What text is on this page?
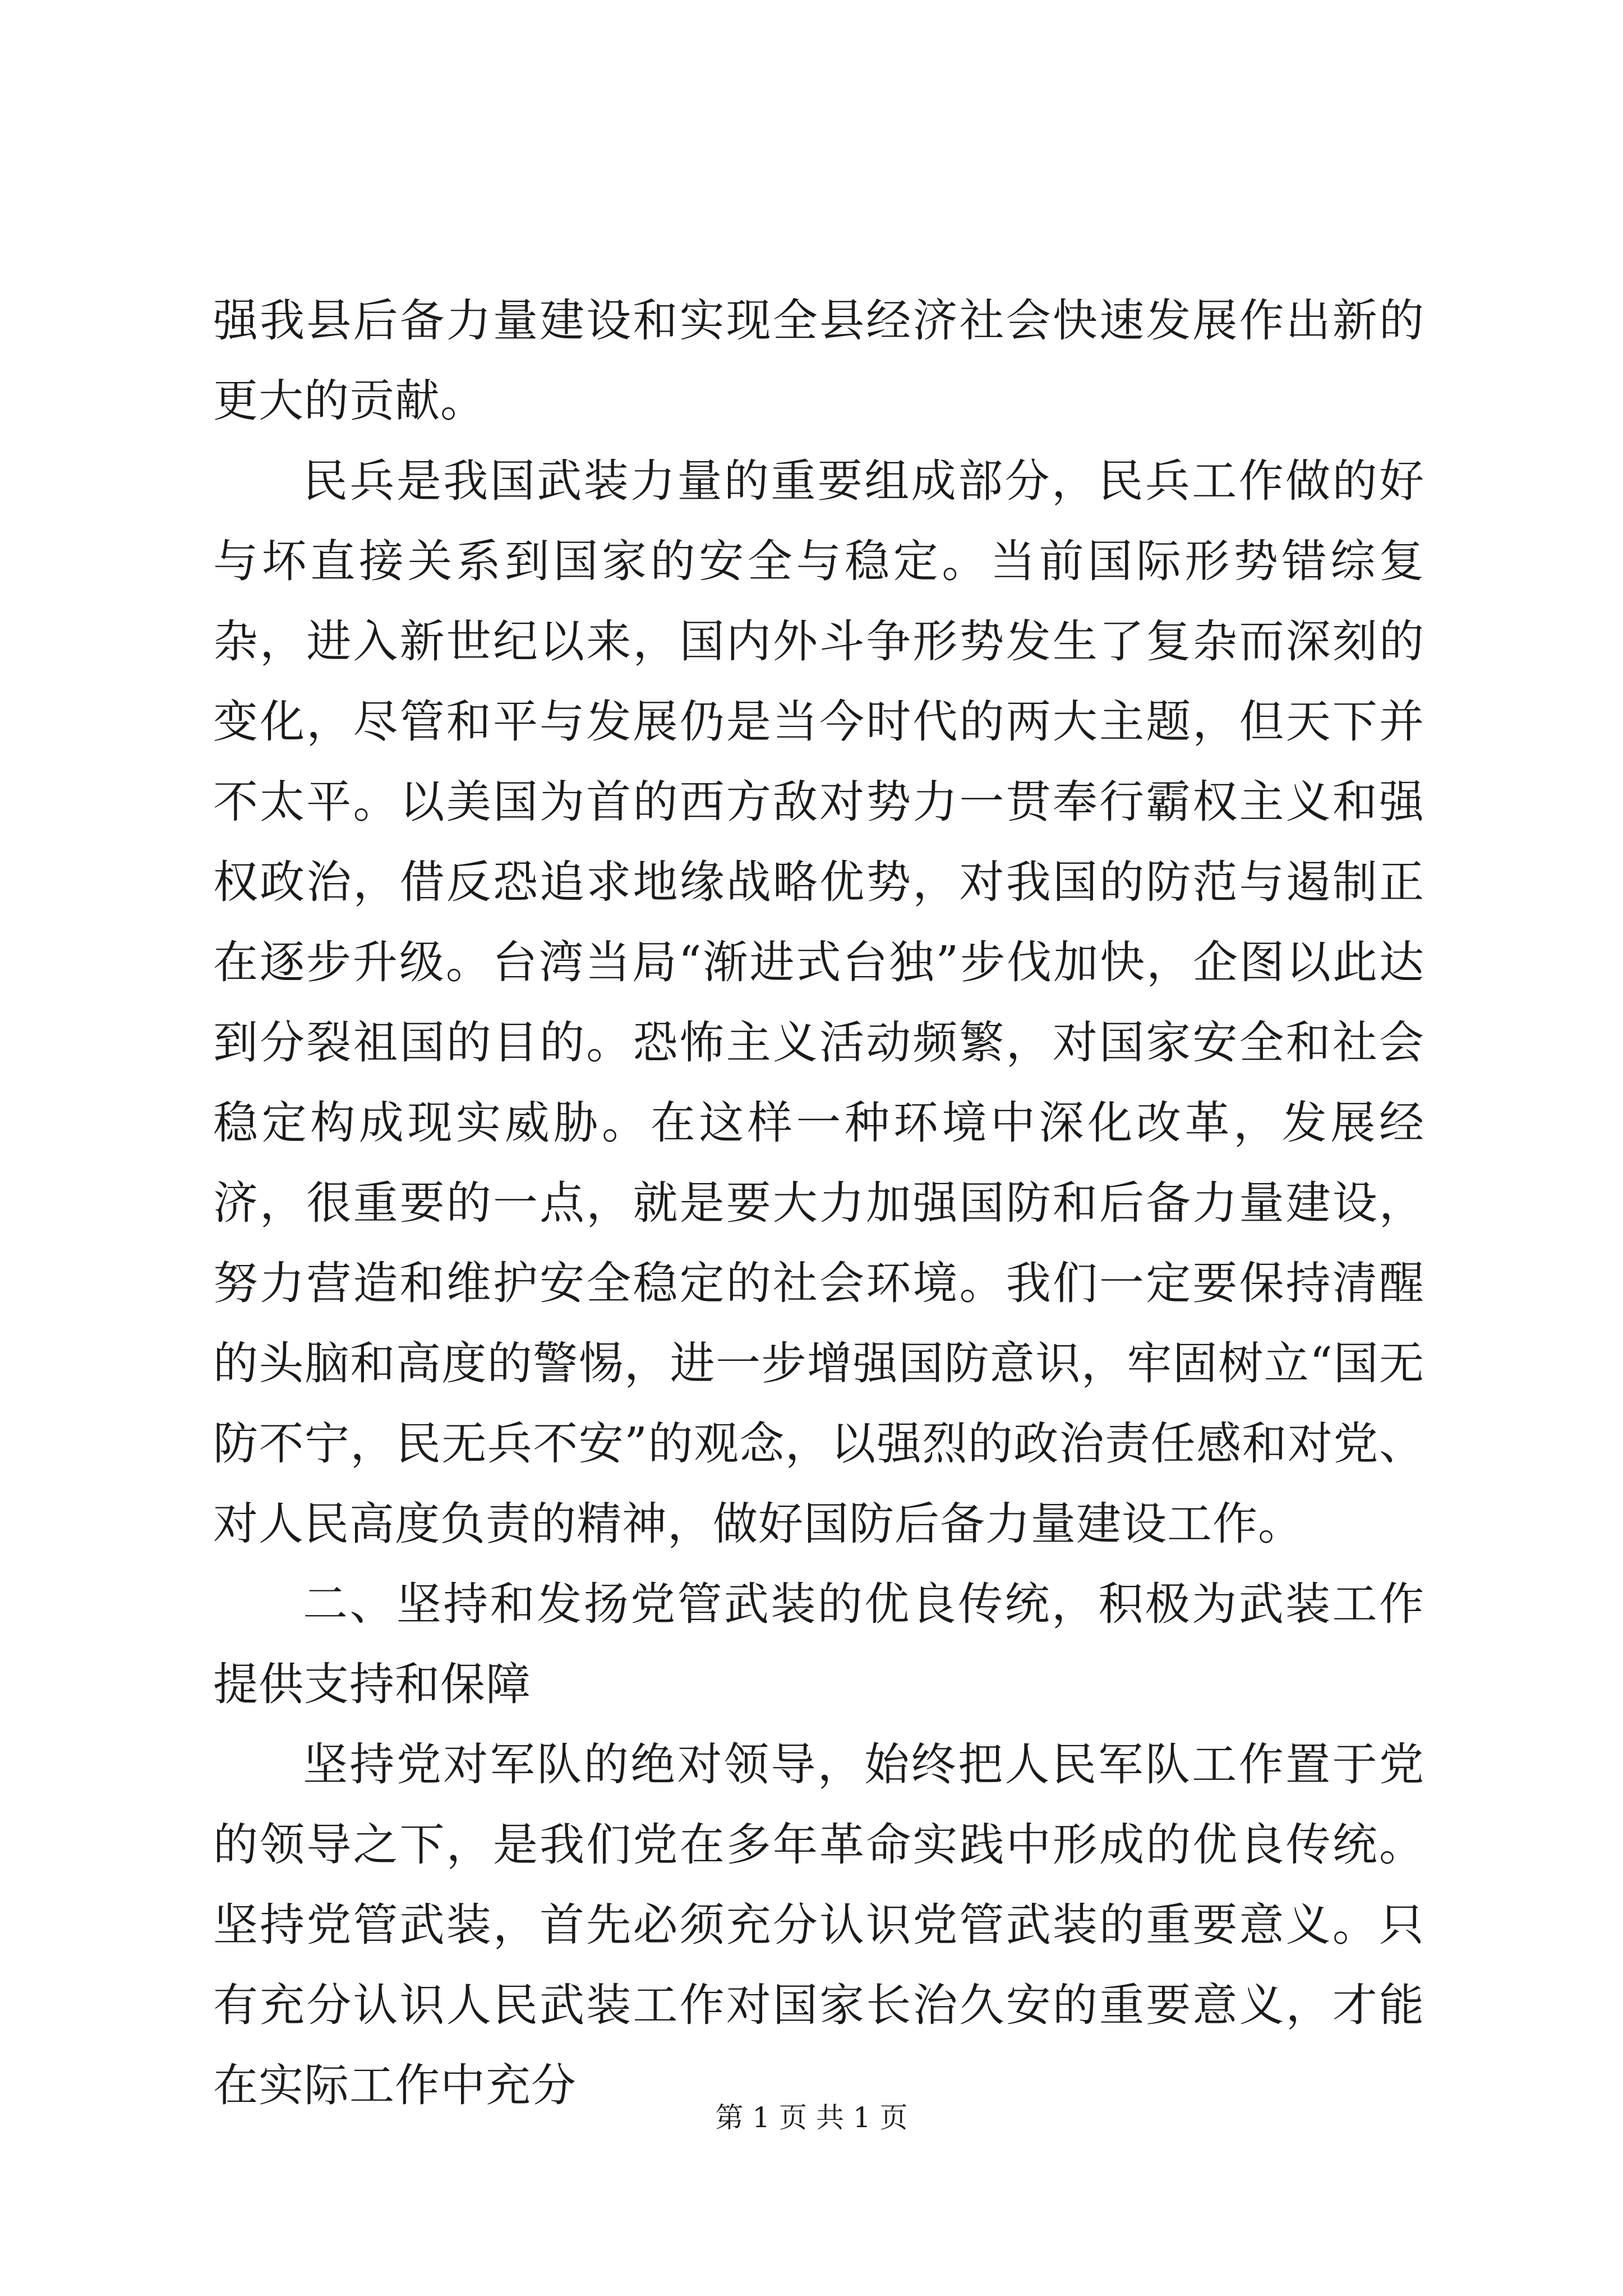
强我县后备力量建设和实现全县经济社会快速发展作出新的更大的贡献。

民兵是我国武装力量的重要组成部分，民兵工作做的好与坏直接关系到国家的安全与稳定。当前国际形势错综复杂，进入新世纪以来，国内外斗争形势发生了复杂而深刻的变化，尽管和平与发展仍是当今时代的两大主题，但天下并不太平。以美国为首的西方敌对势力一贯奉行霸权主义和强权政治，借反恐追求地缘战略优势，对我国的防范与遏制正在逐步升级。台湾当局“渐进式台独”步伐加快，企图以此达到分裂祖国的目的。恐怖主义活动频繁，对国家安全和社会稳定构成现实威胁。在这样一种环境中深化改革，发展经济，很重要的一点，就是要大力加强国防和后备力量建设，努力营造和维护安全稳定的社会环境。我们一定要保持清醒的头脑和高度的警惕，进一步增强国防意识，牢固树立“国无防不宁，民无兵不安”的观念，以强烈的政治责任感和对党、对人民高度负责的精神，做好国防后备力量建设工作。

二、坚持和发扬党管武装的优良传统，积极为武装工作提供支持和保障

坚持党对军队的绝对领导，始终把人民军队工作置于党的领导之下，是我们党在多年革命实践中形成的优良传统。坚持党管武装，首先必须充分认识党管武装的重要意义。只有充分认识人民武装工作对国家长治久安的重要意义，才能在实际工作中充分

第 1 页 共 1 页
